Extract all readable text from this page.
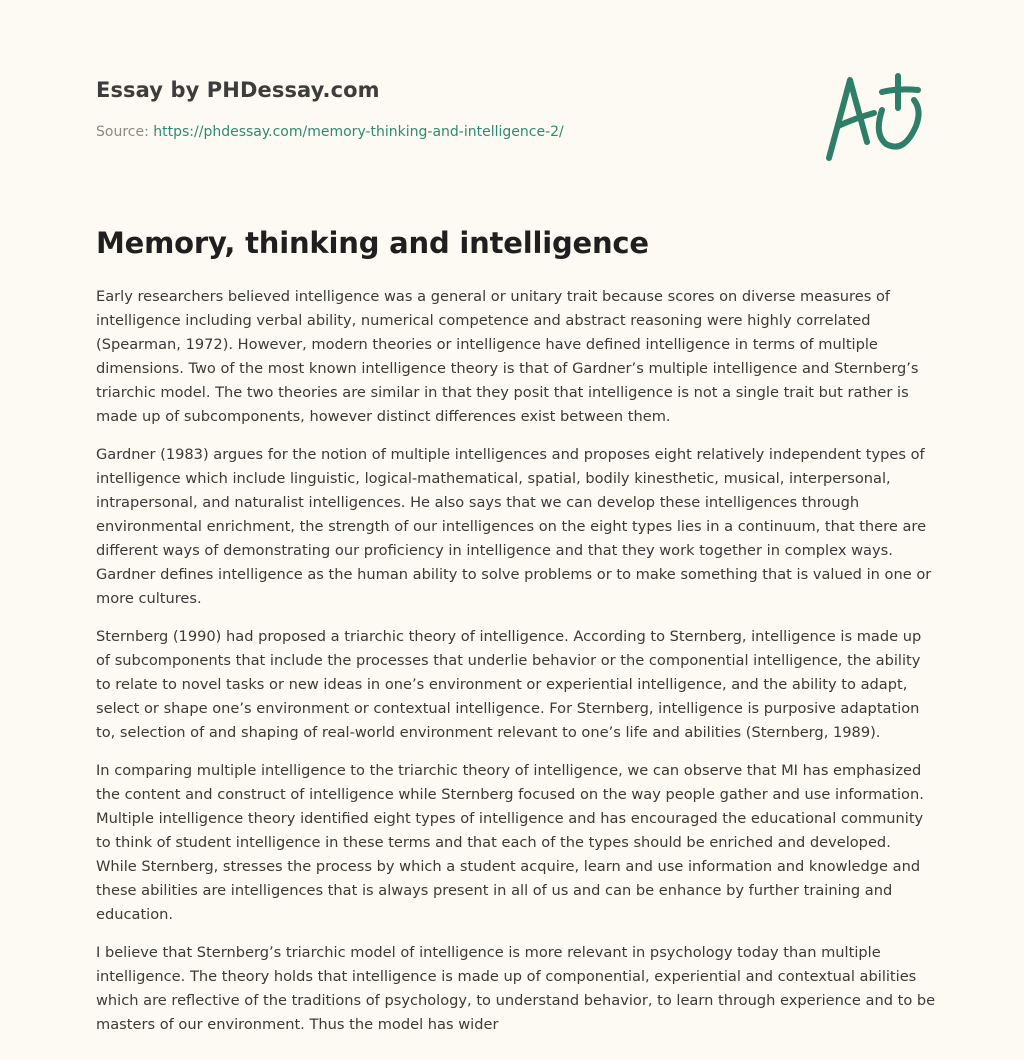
Essay by PHDessay.com
Source: https://phdessay.com/memory-thinking-and-intelligence-2/
Memory, thinking and intelligence

Early researchers believed intelligence was a general or unitary trait because scores on diverse measures of intelligence including verbal ability, numerical competence and abstract reasoning were highly correlated (Spearman, 1972). However, modern theories or intelligence have defined intelligence in terms of multiple dimensions. Two of the most known intelligence theory is that of Gardner’s multiple intelligence and Sternberg’s triarchic model. The two theories are similar in that they posit that intelligence is not a single trait but rather is made up of subcomponents, however distinct differences exist between them.

Gardner (1983) argues for the notion of multiple intelligences and proposes eight relatively independent types of intelligence which include linguistic, logical-mathematical, spatial, bodily kinesthetic, musical, interpersonal, intrapersonal, and naturalist intelligences. He also says that we can develop these intelligences through environmental enrichment, the strength of our intelligences on the eight types lies in a continuum, that there are different ways of demonstrating our proficiency in intelligence and that they work together in complex ways. Gardner defines intelligence as the human ability to solve problems or to make something that is valued in one or more cultures.

Sternberg (1990) had proposed a triarchic theory of intelligence. According to Sternberg, intelligence is made up of subcomponents that include the processes that underlie behavior or the componential intelligence, the ability to relate to novel tasks or new ideas in one’s environment or experiential intelligence, and the ability to adapt, select or shape one’s environment or contextual intelligence. For Sternberg, intelligence is purposive adaptation to, selection of and shaping of real-world environment relevant to one’s life and abilities (Sternberg, 1989).

In comparing multiple intelligence to the triarchic theory of intelligence, we can observe that MI has emphasized the content and construct of intelligence while Sternberg focused on the way people gather and use information. Multiple intelligence theory identified eight types of intelligence and has encouraged the educational community to think of student intelligence in these terms and that each of the types should be enriched and developed. While Sternberg, stresses the process by which a student acquire, learn and use information and knowledge and these abilities are intelligences that is always present in all of us and can be enhance by further training and education.

I believe that Sternberg’s triarchic model of intelligence is more relevant in psychology today than multiple intelligence. The theory holds that intelligence is made up of componential, experiential and contextual abilities which are reflective of the traditions of psychology, to understand behavior, to learn through experience and to be masters of our environment. Thus the model has wider
